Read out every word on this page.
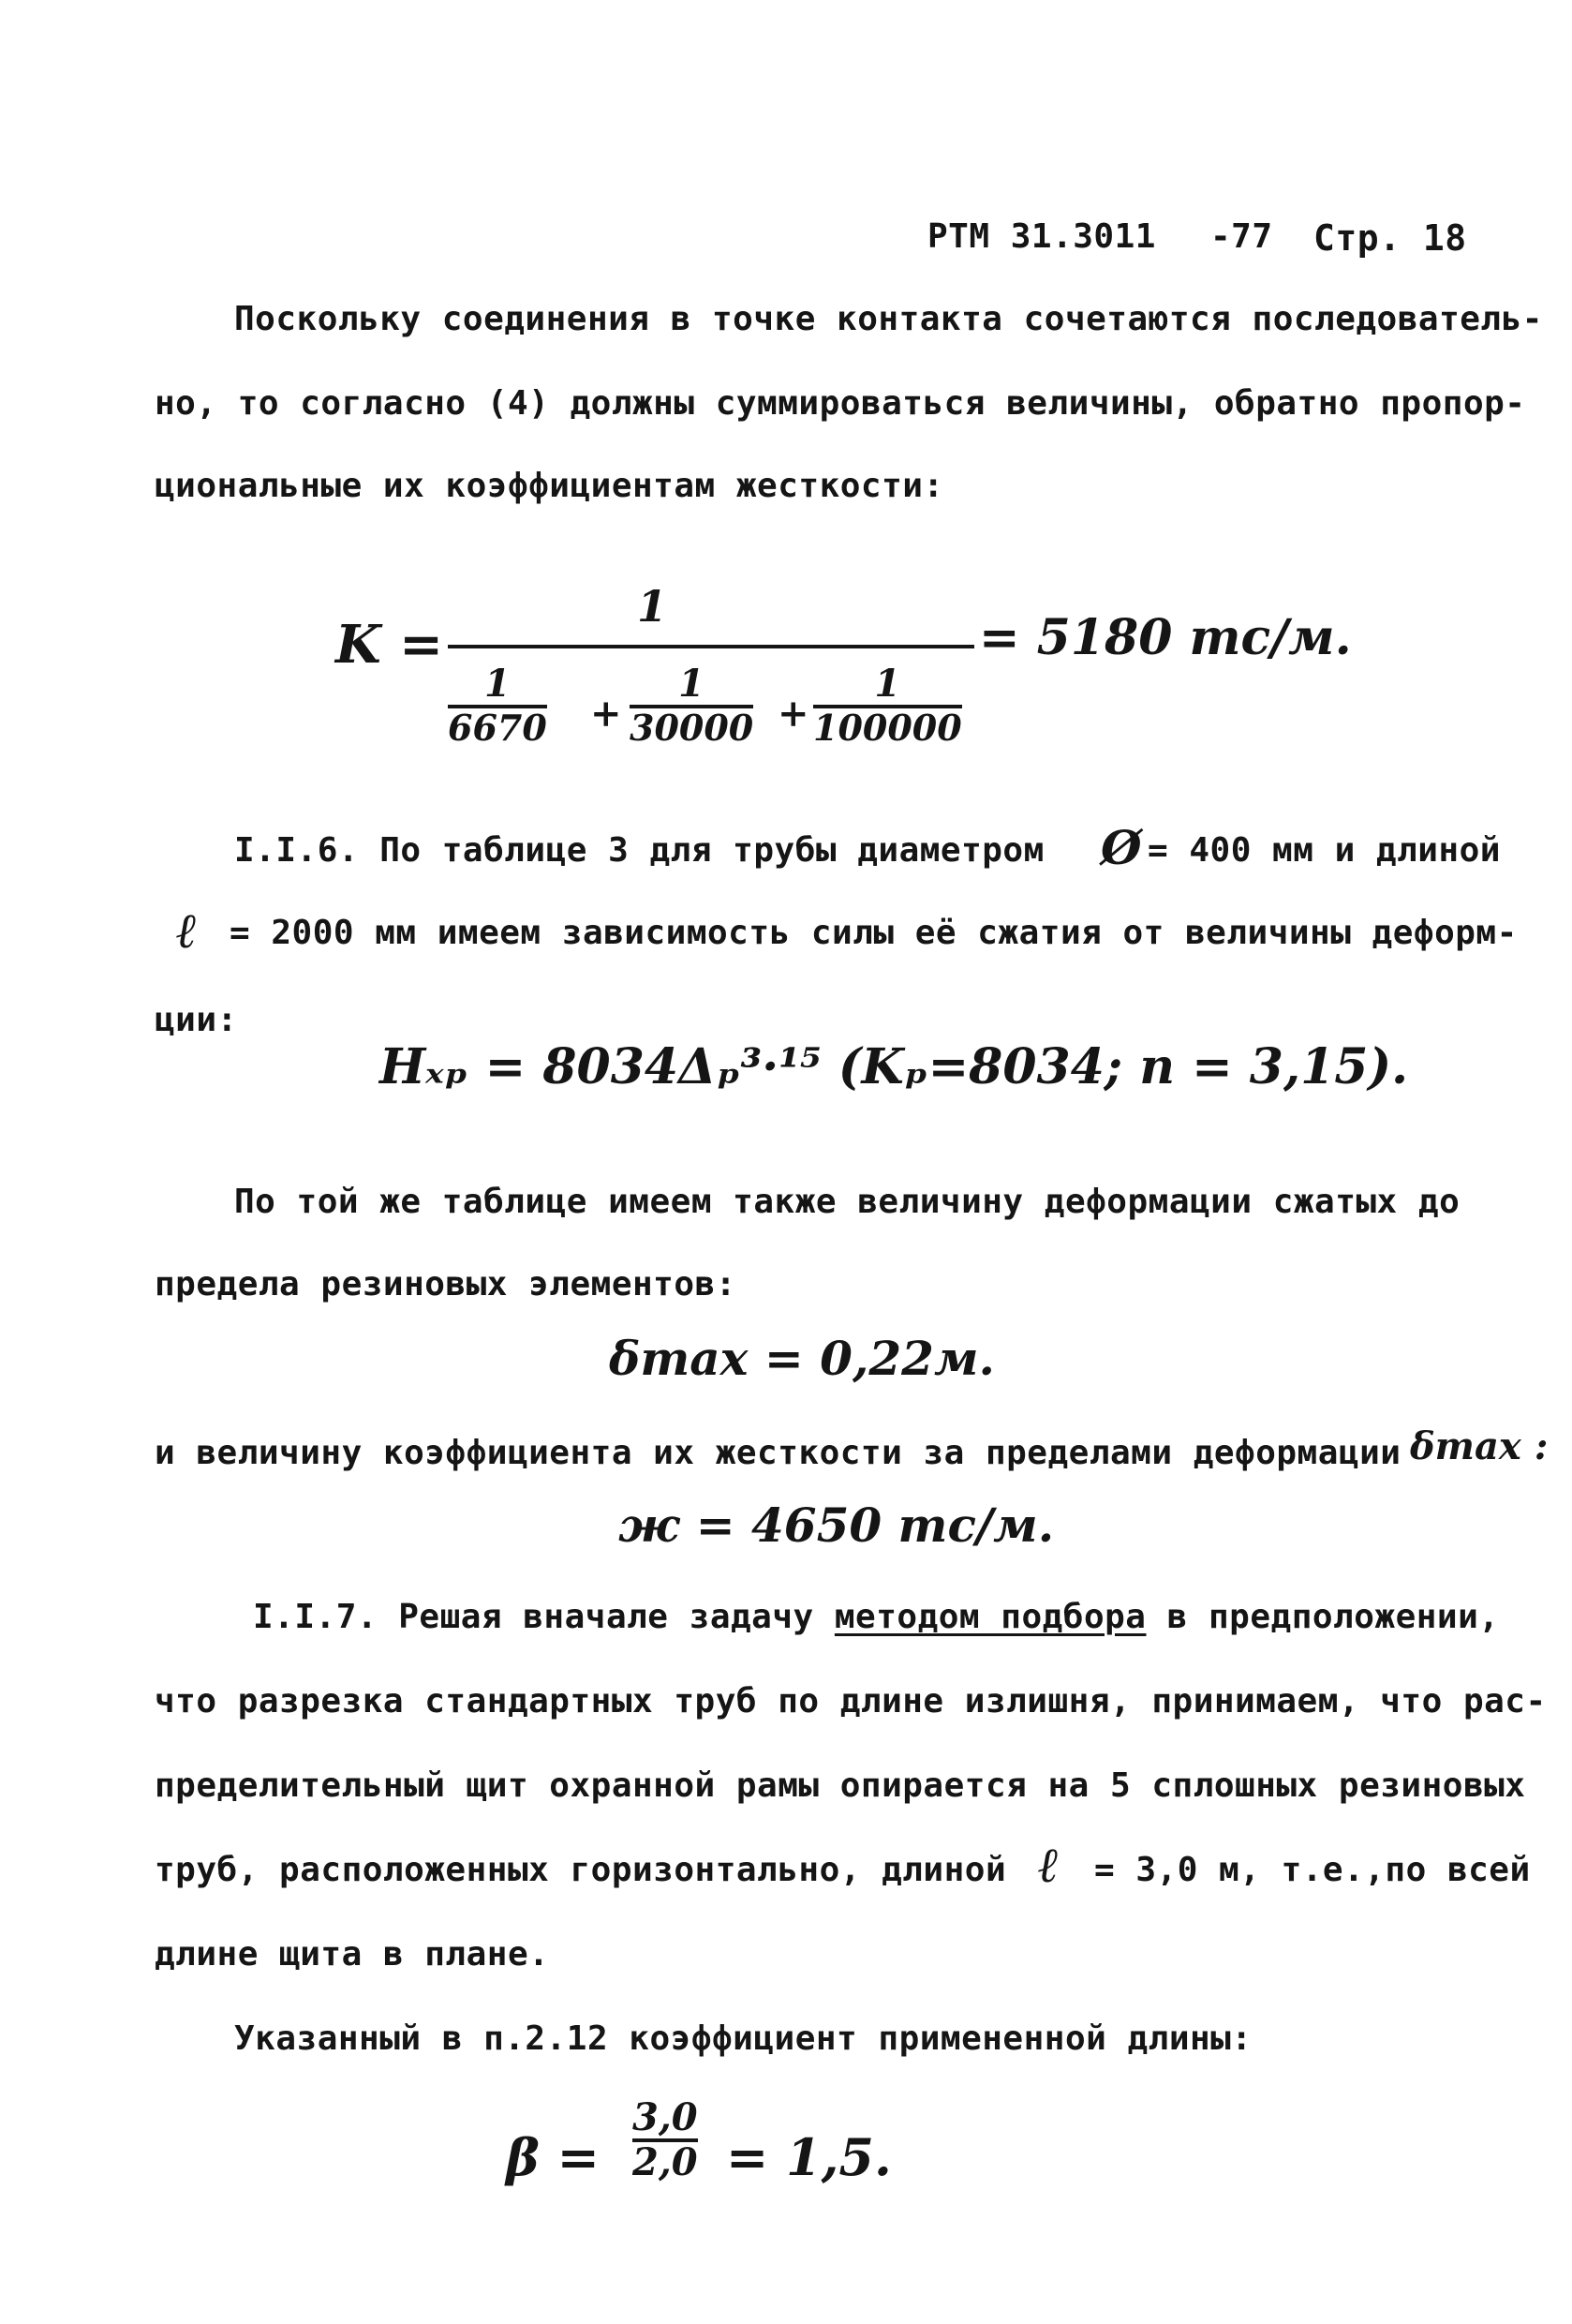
РТМ 31.3011 -77 Стр. 18
Поскольку соединения в точке контакта сочетаются последователь-
но, то согласно (4) должны суммироваться величины, обратно пропор-
циональные их коэффициентам жесткости:
K =
1
1
6670 +
1
30000 +
1
100000
= 5180 тс/м.
I.I.6. По таблице 3 для трубы диаметром Ø = 400 мм и длиной
ℓ = 2000 мм имеем зависимость силы её сжатия от величины деформ-
ции:
Hₓₚ = 8034Δₚ³·¹⁵ (Kₚ=8034; n = 3,15).
По той же таблице имеем также величину деформации сжатых до
предела резиновых элементов:
δmax = 0,22м.
и величину коэффициента их жесткости за пределами деформации δmax :
ж = 4650 тс/м.
I.I.7. Решая вначале задачу методом подбора в предположении,
что разрезка стандартных труб по длине излишня, принимаем, что рас-
пределительный щит охранной рамы опирается на 5 сплошных резиновых
труб, расположенных горизонтально, длиной ℓ = 3,0 м, т.е.,по всей
длине щита в плане.
Указанный в п.2.12 коэффициент примененной длины:
β =
3,0
2,0 = 1,5.
